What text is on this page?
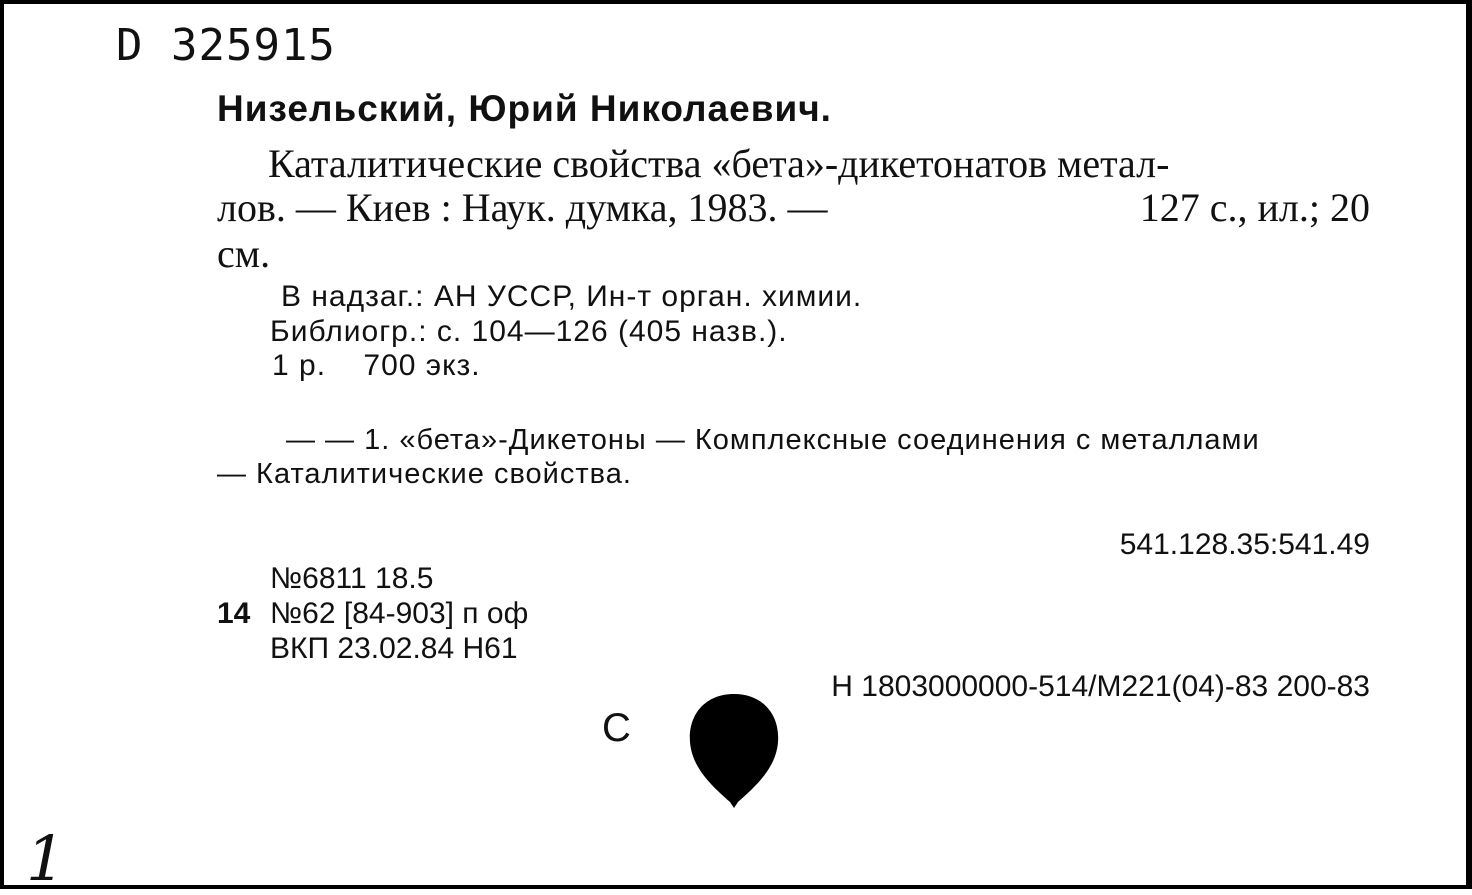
D 325915
Низельский, Юрий Николаевич.
Каталитические свойства «бета»-дикетонатов метал-
лов. — Киев : Наук. думка, 1983. —	127 с., ил.; 20
см.
В надзаг.: АН УССР, Ин-т орган. химии.
Библиогр.: с. 104—126 (405 назв.).
1 р.    700 экз.
— — 1. «бета»-Дикетоны — Комплексные соединения с металлами
— Каталитические свойства.
541.128.35:541.49
№6811 18.5
14 №62 [84-903] п оф
ВКП 23.02.84 Н61
Н 1803000000-514/М221(04)-83 200-83
С
1
